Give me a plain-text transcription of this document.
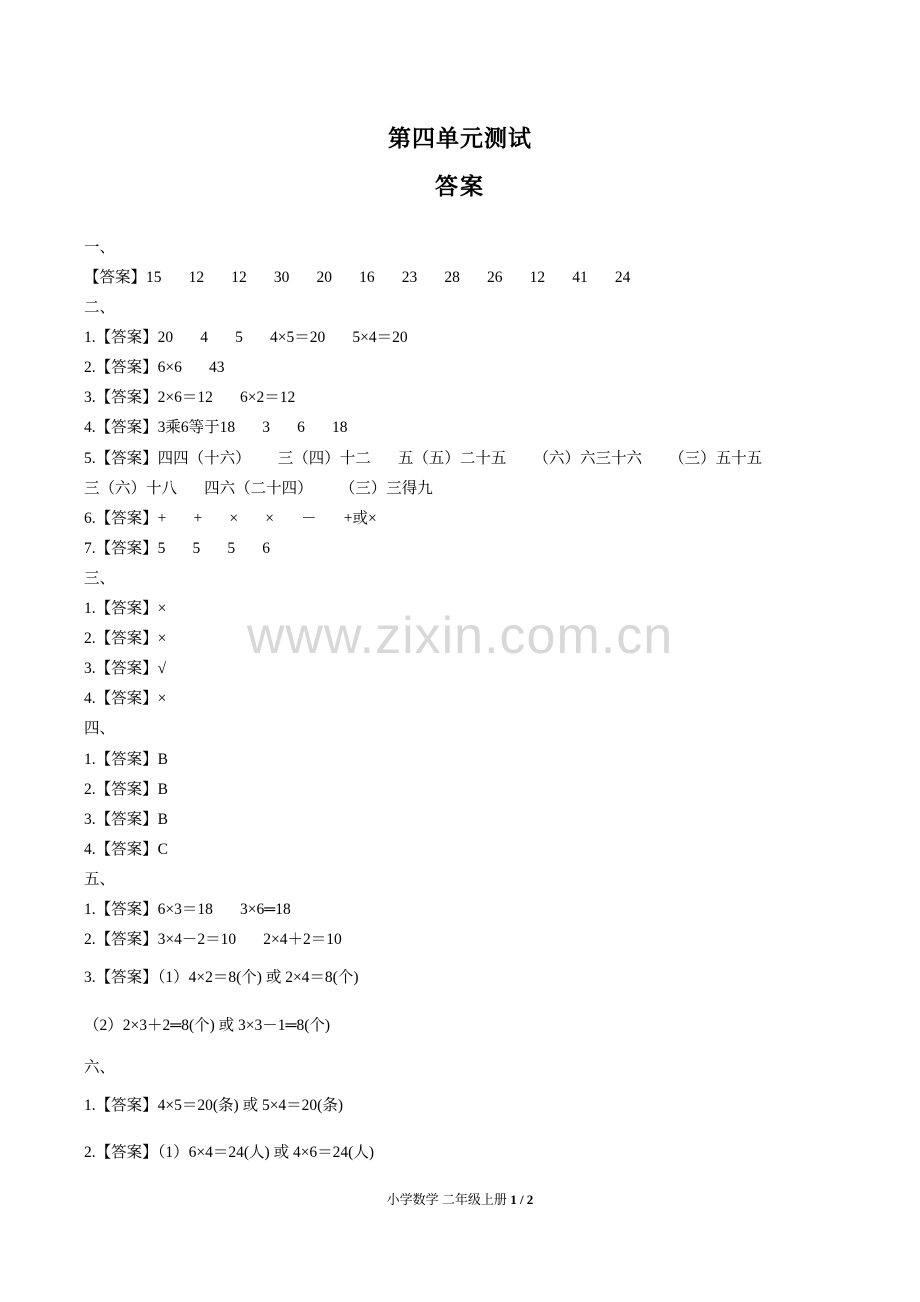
第四单元测试
答案
一、
【答案】15       12       12       30       20       16       23       28       26       12       41       24
二、
1.【答案】20       4       5       4×5＝20       5×4＝20
2.【答案】6×6       43
3.【答案】2×6＝12       6×2＝12
4.【答案】3乘6等于18       3       6       18
5.【答案】四四（十六）       三（四）十二       五（五）二十五       （六）六三十六       （三）五十五
三（六）十八       四六（二十四）       （三）三得九
6.【答案】+       +       ×       ×       －       +或×
7.【答案】5       5       5       6
三、
1.【答案】×
2.【答案】×
3.【答案】√
4.【答案】×
四、
1.【答案】B
2.【答案】B
3.【答案】B
4.【答案】C
五、
1.【答案】6×3＝18       3×6═18
2.【答案】3×4－2＝10       2×4＋2＝10
3.【答案】（1）4×2＝8(个) 或 2×4＝8(个)
（2）2×3＋2═8(个) 或 3×3－1═8(个)
六、
1.【答案】4×5＝20(条) 或 5×4＝20(条)
2.【答案】（1）6×4＝24(人) 或 4×6＝24(人)
www.zixin.com.cn
小学数学 二年级上册 1 / 2
